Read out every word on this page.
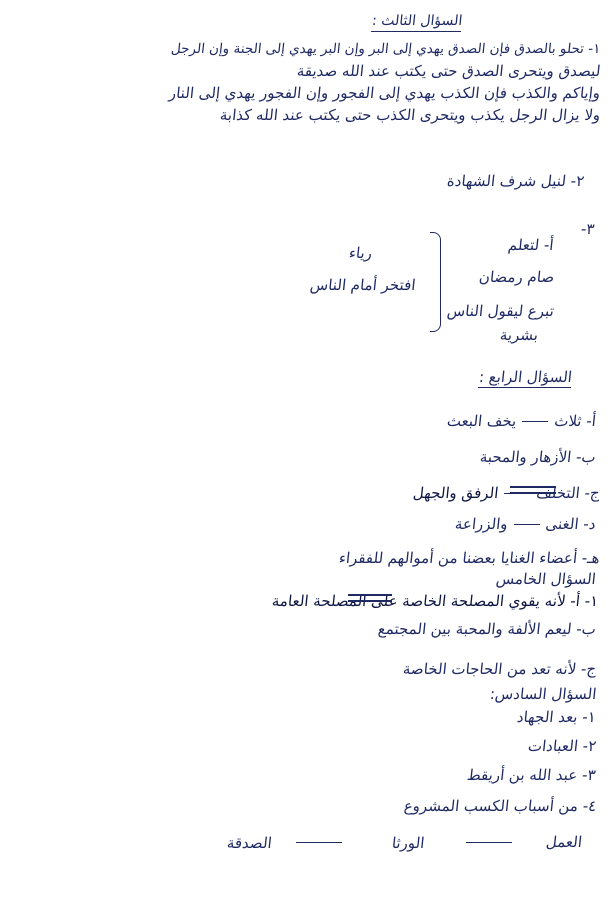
السؤال الثالث :
١- تحلو بالصدق فإن الصدق يهدي إلى البر وإن البر يهدي إلى الجنة وإن الرجل
ليصدق ويتحرى الصدق حتى يكتب عند الله صديقة
وإياكم والكذب فإن الكذب يهدي إلى الفجور وإن الفجور يهدي إلى النار
ولا يزال الرجل يكذب ويتحرى الكذب حتى يكتب عند الله كذابة
٢- لنيل شرف الشهادة
٣-
أ- لتعلم
صام رمضان
تبرع ليقول الناس
بشرية
رياء
افتخر أمام الناس
السؤال الرابع :
أ- ثلاثيخف البعث
ب- الأزهار والمحبة
ج- التخلفالرفق والجهل
د- الغنىوالزراعة
هـ- أعضاء الغنايا بعضنا من أموالهم للفقراء
السؤال الخامس
١- أ- لأنه يقوي المصلحة الخاصة على المصلحة العامة
ب- ليعم الألفة والمحبة بين المجتمع
ج- لأنه تعد من الحاجات الخاصة
السؤال السادس:
١- بعد الجهاد
٢- العبادات
٣- عبد الله بن أريقط
٤- من أسباب الكسب المشروع
العمل
الورثا
الصدقة
